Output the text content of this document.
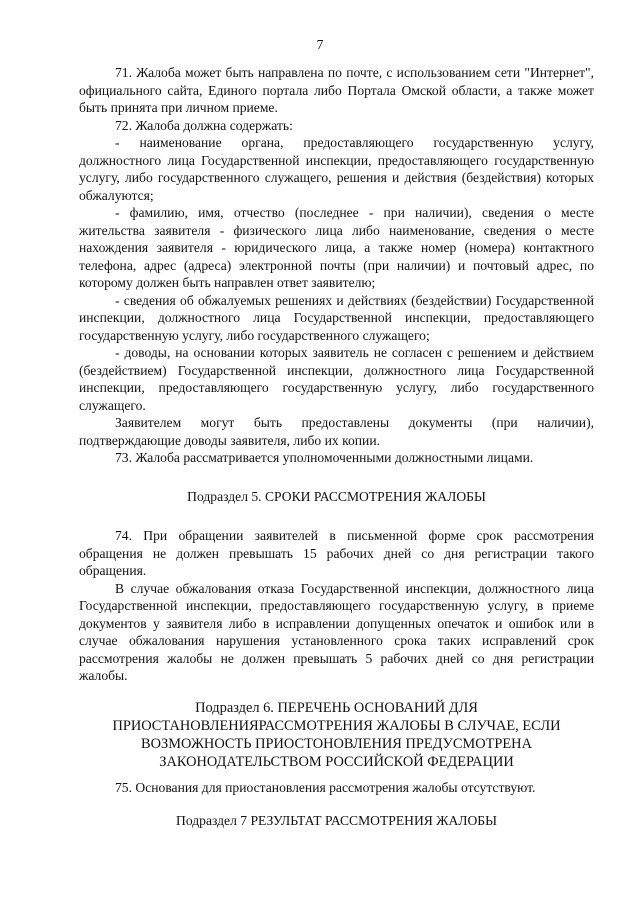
7

71. Жалоба может быть направлена по почте, с использованием сети "Интернет", официального сайта, Единого портала либо Портала Омской области, а также может быть принята при личном приеме.

72. Жалоба должна содержать:

- наименование органа, предоставляющего государственную услугу, должностного лица Государственной инспекции, предоставляющего государственную услугу, либо государственного служащего, решения и действия (бездействия) которых обжалуются;

- фамилию, имя, отчество (последнее - при наличии), сведения о месте жительства заявителя - физического лица либо наименование, сведения о месте нахождения заявителя - юридического лица, а также номер (номера) контактного телефона, адрес (адреса) электронной почты (при наличии) и почтовый адрес, по которому должен быть направлен ответ заявителю;

- сведения об обжалуемых решениях и действиях (бездействии) Государственной инспекции, должностного лица Государственной инспекции, предоставляющего государственную услугу, либо государственного служащего;

- доводы, на основании которых заявитель не согласен с решением и действием (бездействием) Государственной инспекции, должностного лица Государственной инспекции, предоставляющего государственную услугу, либо государственного служащего.

Заявителем могут быть предоставлены документы (при наличии), подтверждающие доводы заявителя, либо их копии.

73. Жалоба рассматривается уполномоченными должностными лицами.

Подраздел 5. СРОКИ РАССМОТРЕНИЯ ЖАЛОБЫ

74. При обращении заявителей в письменной форме срок рассмотрения обращения не должен превышать 15 рабочих дней со дня регистрации такого обращения.

В случае обжалования отказа Государственной инспекции, должностного лица Государственной инспекции, предоставляющего государственную услугу, в приеме документов у заявителя либо в исправлении допущенных опечаток и ошибок или в случае обжалования нарушения установленного срока таких исправлений срок рассмотрения жалобы не должен превышать 5 рабочих дней со дня регистрации жалобы.

Подраздел 6. ПЕРЕЧЕНЬ ОСНОВАНИЙ ДЛЯ
ПРИОСТАНОВЛЕНИЯРАССМОТРЕНИЯ ЖАЛОБЫ В СЛУЧАЕ, ЕСЛИ
ВОЗМОЖНОСТЬ ПРИОСТОНОВЛЕНИЯ ПРЕДУСМОТРЕНА
ЗАКОНОДАТЕЛЬСТВОМ РОССИЙСКОЙ ФЕДЕРАЦИИ

75. Основания для приостановления рассмотрения жалобы отсутствуют.

Подраздел 7 РЕЗУЛЬТАТ РАССМОТРЕНИЯ ЖАЛОБЫ
